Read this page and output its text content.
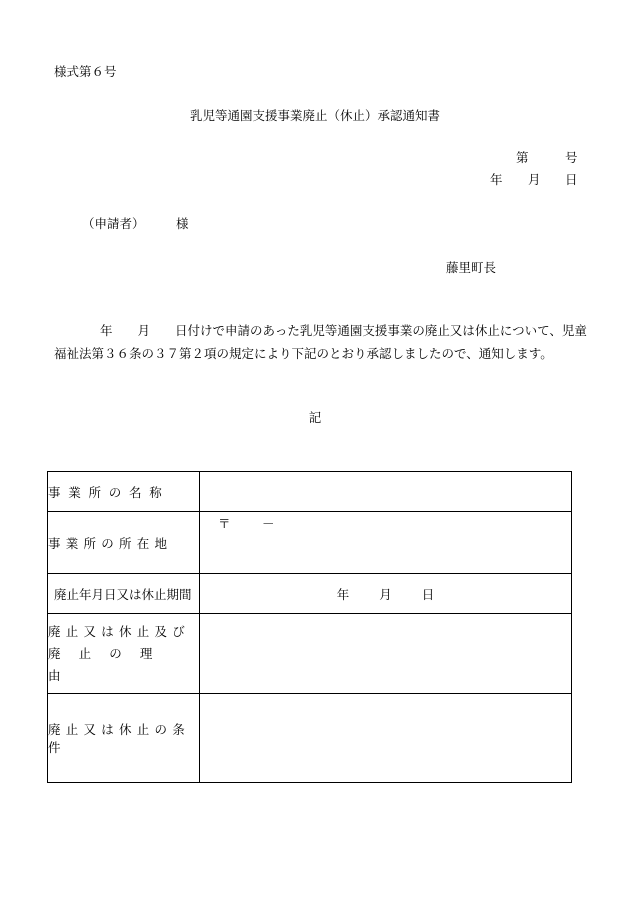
様式第６号
乳児等通園支援事業廃止（休止）承認通知書
第	号
年 月 日
（申請者）	様
藤里町長
年　　月　　日付けで申請のあった乳児等通園支援事業の廃止又は休止について、児童
福祉法第３６条の３７第２項の規定により下記のとおり承認しましたので、通知します。
記
事業所の名称	
事業所の所在地	〒 －

廃止年月日又は休止期間	年 月 日

廃止又は休止及び
廃止の理由	

廃止又は休止の条件	
